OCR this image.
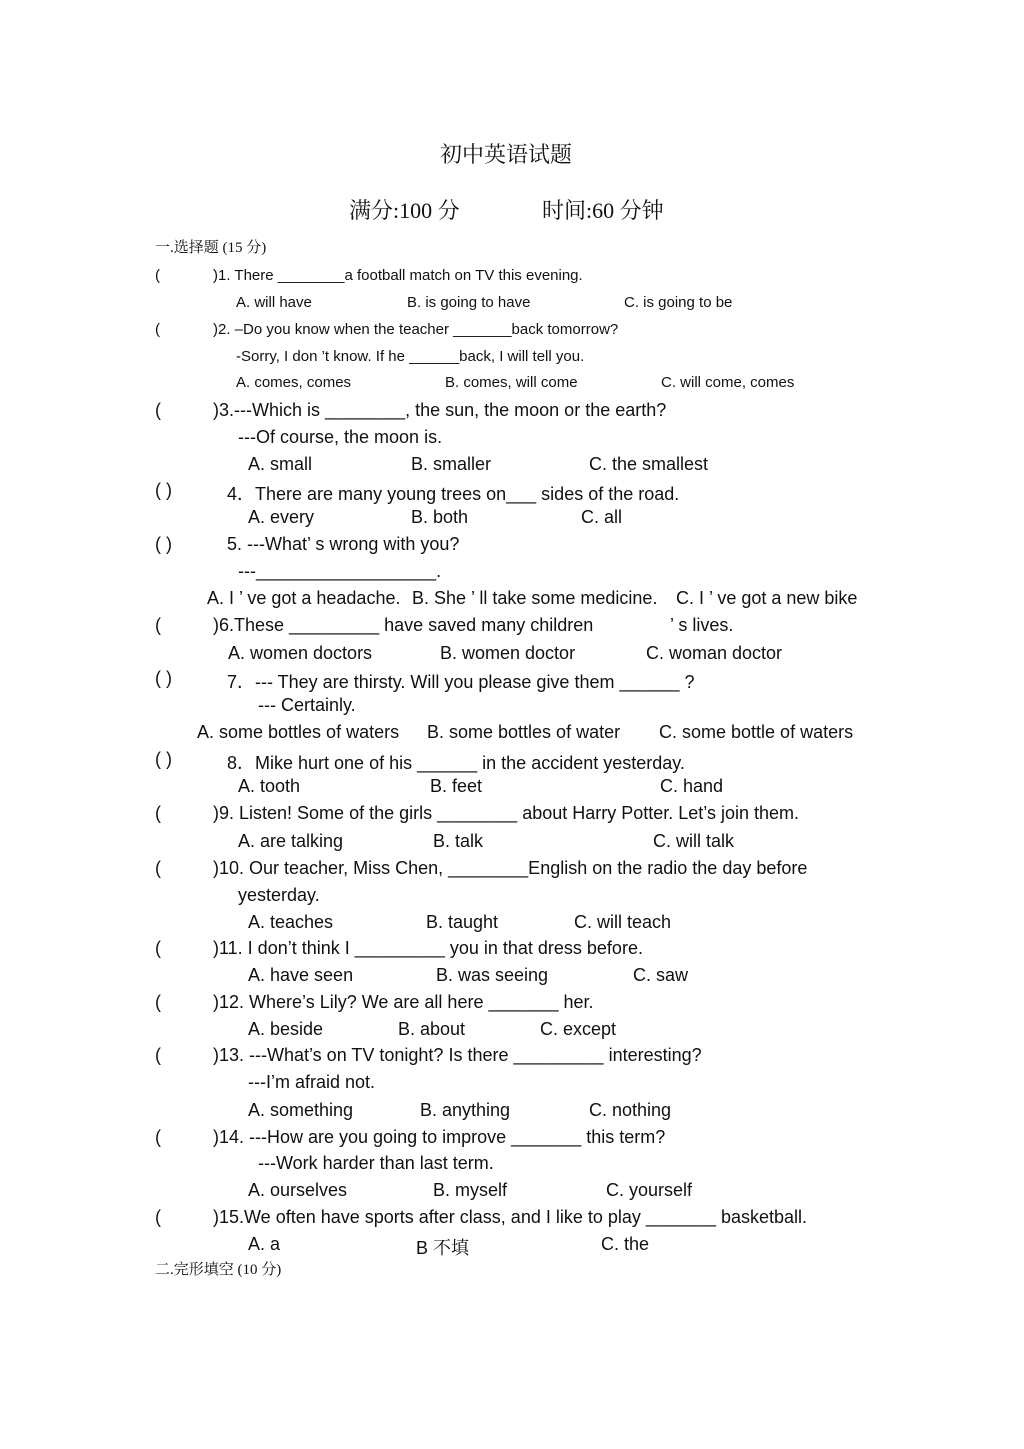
初中英语试题
满分:100 分	时间:60 分钟
一.选择题 (15 分)
(	)1. There ________a football match on TV this evening.
A. will have	B. is going to have	C. is going to be
(	)2. –Do you know when the teacher _______back tomorrow?
-Sorry, I don ’t know. If he ______back, I will tell you.
A. comes, comes	B. comes, will come	C. will come, comes
(	)3.---Which is ________, the sun, the moon or the earth?
---Of course, the moon is.
A. small	B. smaller	C. the smallest
( )	4．There are many young trees on___ sides of the road.
A. every	B. both	C. all
( )	5. ---What’ s wrong with you?
---__________________.
A. I ’ ve got a headache. B. She ’ ll take some medicine. C. I ’ ve got a new bike
(	)6.These _________ have saved many children	’ s lives.
A. women doctors	B. women doctor	C. woman doctor
( )	7．--- They are thirsty. Will you please give them ______ ?
--- Certainly.
A. some bottles of waters B. some bottles of water C. some bottle of waters
( )	8．Mike hurt one of his ______ in the accident yesterday.
A. tooth	B. feet	C. hand
(	)9. Listen! Some of the girls ________ about Harry Potter. Let’s join them.
A. are talking	B. talk	C. will talk
(	)10. Our teacher, Miss Chen, ________English on the radio the day before
yesterday.
A. teaches	B. taught	C. will teach
(	)11. I don’t think I _________ you in that dress before.
A. have seen	B. was seeing	C. saw
(	)12. Where’s Lily? We are all here _______ her.
A. beside	B. about	C. except
(	)13. ---What’s on TV tonight? Is there _________ interesting?
---I’m afraid not.
A. something	B. anything	C. nothing
(	)14. ---How are you going to improve _______ this term?
---Work harder than last term.
A. ourselves	B. myself	C. yourself
(	)15.We often have sports after class, and I like to play _______ basketball.
A. a	B 不填	C. the
二.完形填空 (10 分)
